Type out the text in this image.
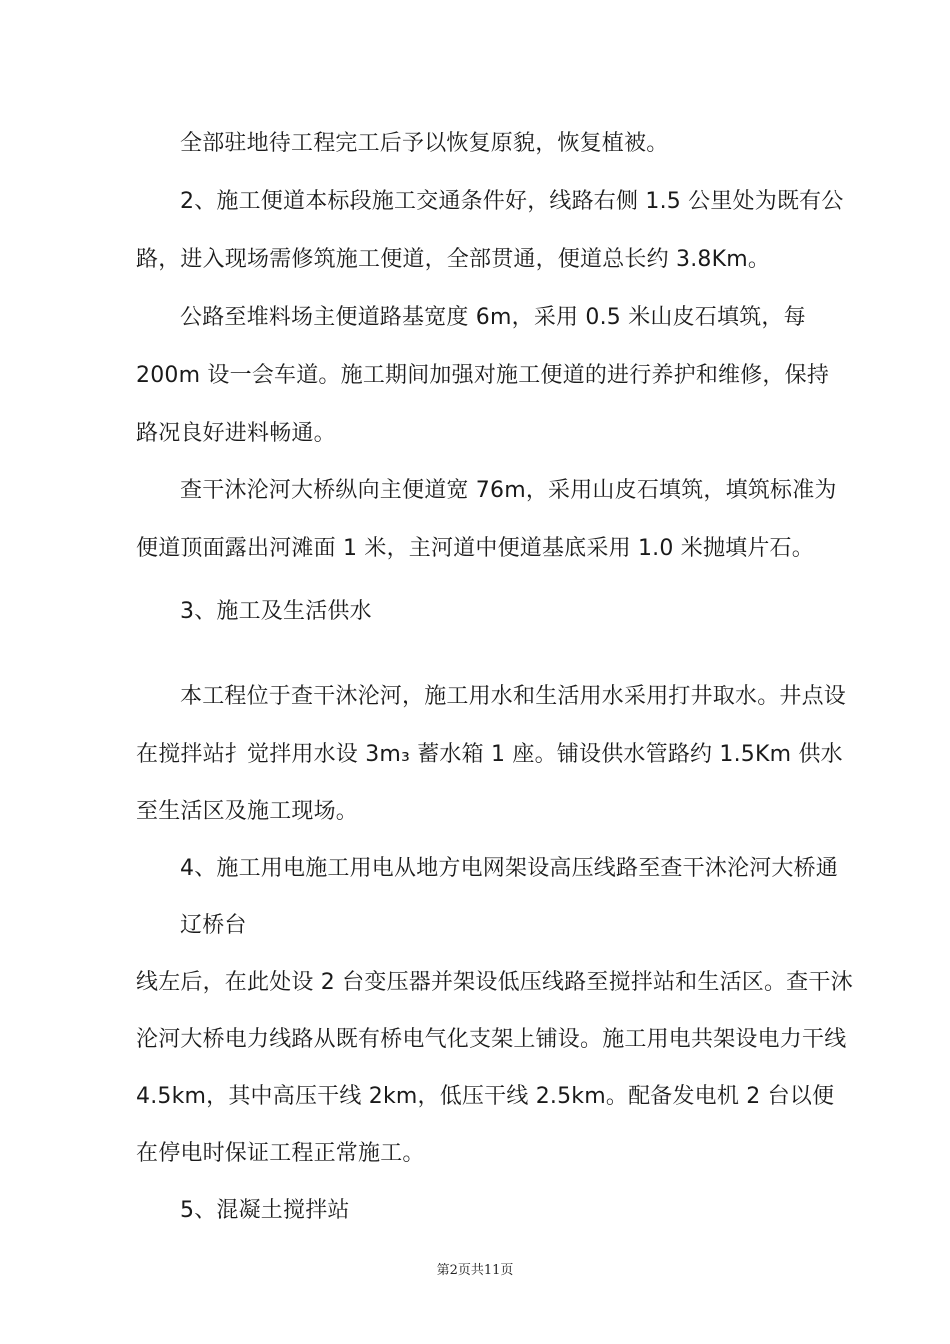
全部驻地待工程完工后予以恢复原貌，恢复植被。
2、施工便道本标段施工交通条件好，线路右侧 1.5 公里处为既有公
路，进入现场需修筑施工便道，全部贯通，便道总长约 3.8Km。
公路至堆料场主便道路基宽度 6m，采用 0.5 米山皮石填筑，每
200m 设一会车道。施工期间加强对施工便道的进行养护和维修，保持
路况良好进料畅通。
查干沐沦河大桥纵向主便道宽 76m，采用山皮石填筑，填筑标准为
便道顶面露出河滩面 1 米，主河道中便道基底采用 1.0 米抛填片石。
3、施工及生活供水
本工程位于查干沐沦河，施工用水和生活用水采用打井取水。井点设
在搅拌站扌觉拌用水设 3m₃ 蓄水箱 1 座。铺设供水管路约 1.5Km 供水
至生活区及施工现场。
4、施工用电施工用电从地方电网架设高压线路至查干沐沦河大桥通
辽桥台
线左后，在此处设 2 台变压器并架设低压线路至搅拌站和生活区。查干沐
沦河大桥电力线路从既有桥电气化支架上铺设。施工用电共架设电力干线
4.5km，其中高压干线 2km，低压干线 2.5km。配备发电机 2 台以便
在停电时保证工程正常施工。
5、混凝土搅拌站
第2页共11页
